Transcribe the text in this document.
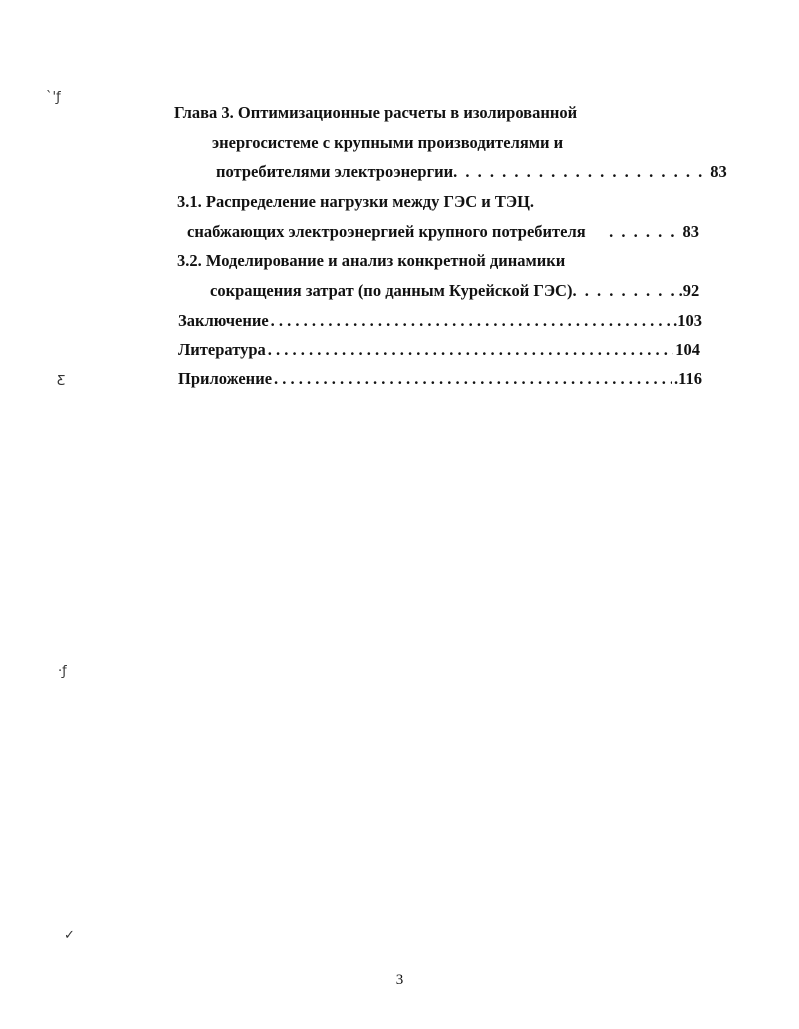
Глава 3. Оптимизационные расчеты в изолированной
энергосистеме с крупными производителями и
потребителями электроэнергии . . . . . . . . . . . . . . . . . . . . . 83
3.1. Распределение нагрузки между ГЭС и ТЭЦ.
снабжающих электроэнергией крупного потребителя	. . . . . . 83
3.2. Моделирование и анализ конкретной динамики
сокращения затрат (по данным Курейской ГЭС) . . . . . . . . . .92
Заключение . . .	.103
Литература . . .	104
Приложение . . .	.116
`'ƒ
Ƹ
·ƒ
✓
3
